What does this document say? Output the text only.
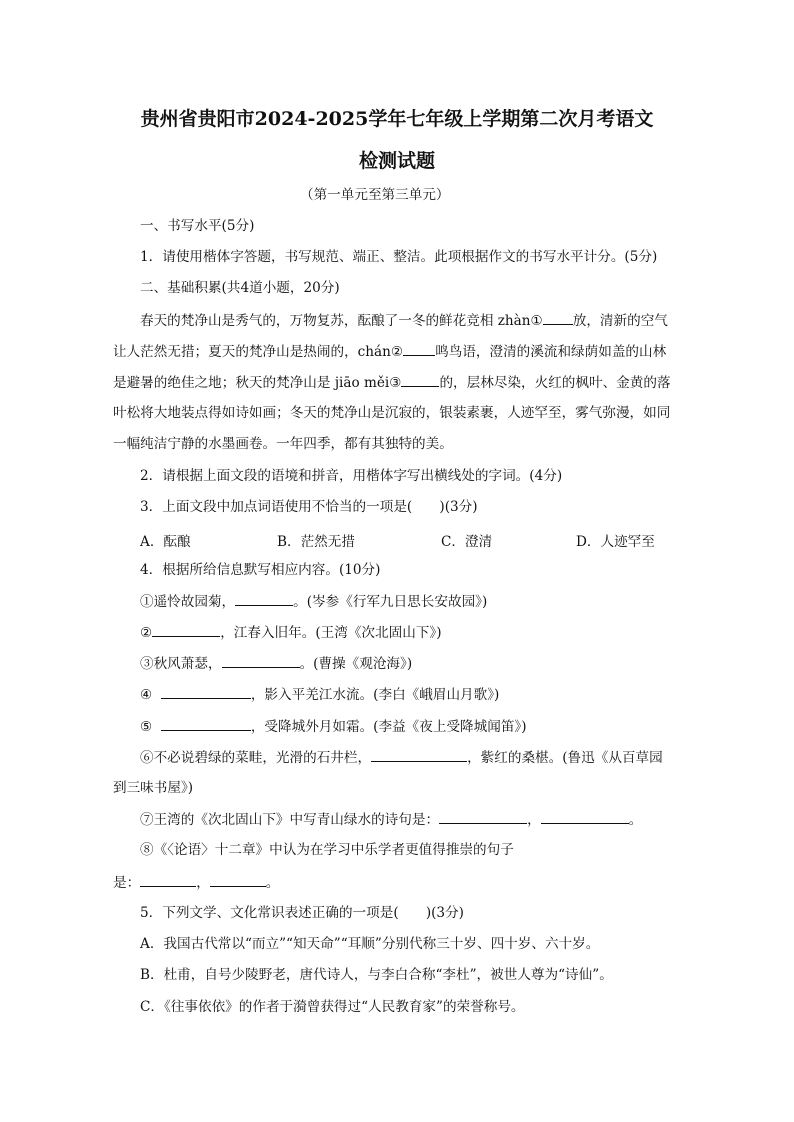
贵州省贵阳市2024-2025学年七年级上学期第二次月考语文
检测试题
（第一单元至第三单元）
一、书写水平(5分)
1．请使用楷体字答题，书写规范、端正、整洁。此项根据作文的书写水平计分。(5分)
二、基础积累(共4道小题，20分)
春天的梵净山是秀气的，万物复苏，酝酿了一冬的鲜花竞相 zhàn① 放，清新的空气
让人茫然无措；夏天的梵净山是热闹的，chán② 鸣鸟语，澄清的溪流和绿荫如盖的山林
是避暑的绝佳之地；秋天的梵净山是 jiāo měi③	的，层林尽染，火红的枫叶、金黄的落
叶松将大地装点得如诗如画；冬天的梵净山是沉寂的，银装素裹，人迹罕至，雾气弥漫，如同
一幅纯洁宁静的水墨画卷。一年四季，都有其独特的美。
2．请根据上面文段的语境和拼音，用楷体字写出横线处的字词。(4分)
3．上面文段中加点词语使用不恰当的一项是(　　)(3分)
A．酝酿	B．茫然无措	C．澄清	D．人迹罕至
4．根据所给信息默写相应内容。(10分)
①遥怜故园菊，	。(岑参《行军九日思长安故园》)
②	，江春入旧年。(王湾《次北固山下》)
③秋风萧瑟，	。(曹操《观沧海》)
④	，影入平羌江水流。(李白《峨眉山月歌》)
⑤	，受降城外月如霜。(李益《夜上受降城闻笛》)
⑥不必说碧绿的菜畦，光滑的石井栏，	，紫红的桑椹。(鲁迅《从百草园
到三味书屋》)
⑦王湾的《次北固山下》中写青山绿水的诗句是：	，	。
⑧《〈论语〉十二章》中认为在学习中乐学者更值得推崇的句子
是：	，	。
5．下列文学、文化常识表述正确的一项是(　　)(3分)
A．我国古代常以“而立”“知天命”“耳顺”分别代称三十岁、四十岁、六十岁。
B．杜甫，自号少陵野老，唐代诗人，与李白合称“李杜”，被世人尊为“诗仙”。
C．《往事依依》的作者于漪曾获得过“人民教育家”的荣誉称号。
